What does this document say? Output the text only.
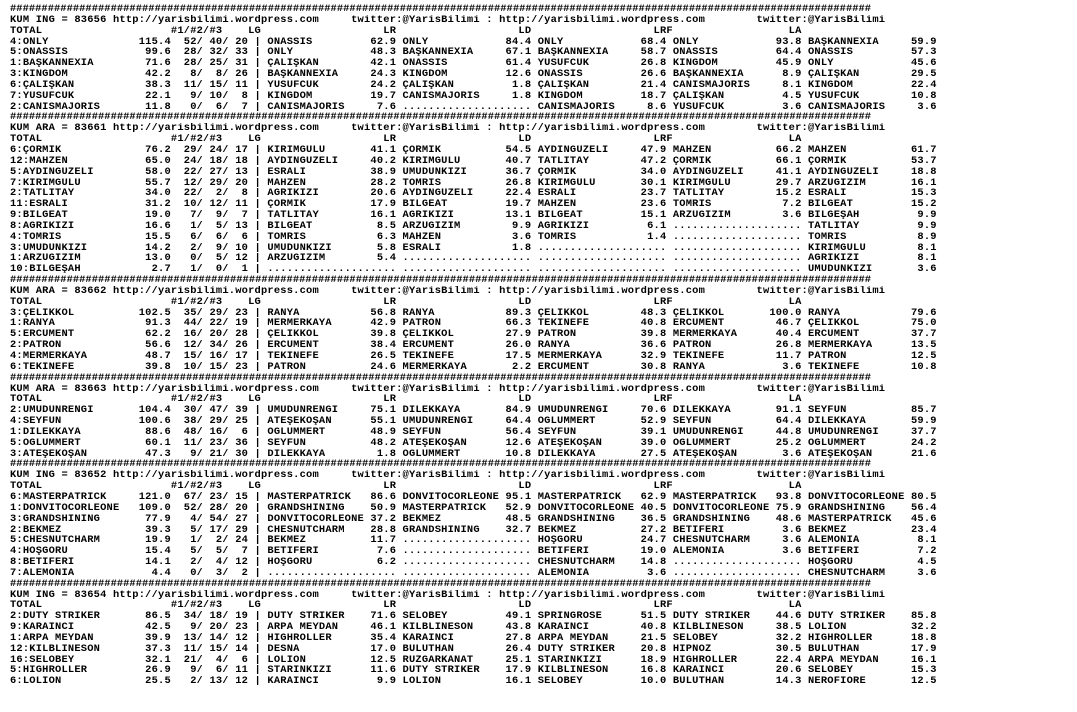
#########################################################################################################################################
KUM ING = 83656 http://yarisbilimi.wordpress.com     twitter:@YarisBilimi : http://yarisbilimi.wordpress.com        twitter:@YarisBilimi
TOTAL                    #1/#2/#3    LG                   LR                   LD                   LRF                  LA
4:ONLY              115.4  52/ 40/ 20 | ONASSIS         62.9 ONLY            84.4 ONLY            68.4 ONLY            93.8 BAŞKANNEXIA     59.9
5:ONASSIS            99.6  28/ 32/ 33 | ONLY            48.3 BAŞKANNEXIA     67.1 BAŞKANNEXIA     58.7 ONASSIS         64.4 ONASSIS         57.3
1:BAŞKANNEXIA        71.6  28/ 25/ 31 | ÇALIŞKAN        42.1 ONASSIS         61.4 YUSUFCUK        26.8 KINGDOM         45.9 ONLY            45.6
3:KINGDOM            42.2   8/  8/ 26 | BAŞKANNEXIA     24.3 KINGDOM         12.6 ONASSIS         26.6 BAŞKANNEXIA      8.9 ÇALIŞKAN        29.5
6:ÇALIŞKAN           38.3  11/ 15/ 11 | YUSUFCUK        24.2 ÇALIŞKAN         1.8 ÇALIŞKAN        21.4 CANISMAJORIS     8.1 KINGDOM         22.4
7:YUSUFCUK           22.1   9/ 10/  8 | KINGDOM         19.7 CANISMAJORIS     1.8 KINGDOM         18.7 ÇALIŞKAN         4.5 YUSUFCUK        10.8
2:CANISMAJORIS       11.8   0/  6/  7 | CANISMAJORIS     7.6 .................... CANISMAJORIS     8.6 YUSUFCUK         3.6 CANISMAJORIS     3.6
#########################################################################################################################################
KUM ARA = 83661 http://yarisbilimi.wordpress.com     twitter:@YarisBilimi : http://yarisbilimi.wordpress.com        twitter:@YarisBilimi
TOTAL                    #1/#2/#3    LG                   LR                   LD                   LRF                  LA
6:ÇORMİK             76.2  29/ 24/ 17 | KIRIMGÜLÜ       41.1 ÇORMİK          54.5 AYDINGÜZELİ     47.9 MAHZEN          66.2 MAHZEN          61.7
12:MAHZEN            65.0  24/ 18/ 18 | AYDINGÜZELİ     40.2 KIRIMGÜLÜ       40.7 TATLITAY        47.2 ÇORMİK          66.1 ÇORMİK          53.7
5:AYDINGÜZELİ        58.0  22/ 27/ 13 | ESRALİ          38.9 UMUDUNKIZI      36.7 ÇORMİK          34.0 AYDINGÜZELİ     41.1 AYDINGÜZELİ     18.8
7:KIRIMGÜLÜ          55.7  12/ 29/ 20 | MAHZEN          28.2 TOMRİS          26.8 KIRIMGÜLÜ       30.1 KIRIMGÜLÜ       29.7 ARZUGİZİM       16.1
2:TATLITAY           34.0  22/  2/  8 | AĞRIKIZI        20.6 AYDINGÜZELİ     22.4 ESRALİ          23.7 TATLITAY        15.2 ESRALİ          15.3
11:ESRALİ            31.2  10/ 12/ 11 | ÇORMİK          17.9 BİLGEAT         19.7 MAHZEN          23.6 TOMRİS           7.2 BİLGEAT         15.2
9:BİLGEAT            19.0   7/  9/  7 | TATLITAY        16.1 AĞRIKIZI        13.1 BİLGEAT         15.1 ARZUGİZİM        3.6 BİLGEŞAH         9.9
8:AĞRIKIZI           16.6   1/  5/ 13 | BİLGEAT          8.5 ARZUGİZİM        9.9 AĞRIKIZI         6.1 .................... TATLITAY         9.9
4:TOMRİS             15.5   6/  6/  6 | TOMRİS           6.3 MAHZEN           3.6 TOMRİS           1.4 .................... TOMRİS           8.9
3:UMUDUNKIZI         14.2   2/  9/ 10 | UMUDUNKIZI       5.8 ESRALİ           1.8 .................... .................... KIRIMGÜLÜ        8.1
1:ARZUGİZİM          13.0   0/  5/ 12 | ARZUGİZİM        5.4 .................... .................... .................... AĞRIKIZI         8.1
10:BİLGEŞAH           2.7   1/  0/  1 | .................... .................... .................... .................... UMUDUNKIZI       3.6
#########################################################################################################################################
KUM ARA = 83662 http://yarisbilimi.wordpress.com     twitter:@YarisBilimi : http://yarisbilimi.wordpress.com        twitter:@YarisBilimi
TOTAL                    #1/#2/#3    LG                   LR                   LD                   LRF                  LA
3:ÇELİKKOL          102.5  35/ 29/ 23 | RANYA           56.8 RANYA           89.3 ÇELİKKOL        48.3 ÇELİKKOL       100.0 RANYA           79.6
1:RANYA              91.3  44/ 22/ 19 | MERMERKAYA      42.9 PATRON          66.3 TEKİNEFE        40.8 ERCÜMENT        46.7 ÇELİKKOL        75.0
5:ERCÜMENT           62.2  16/ 20/ 28 | ÇELİKKOL        39.8 ÇELİKKOL        27.9 PATRON          39.8 MERMERKAYA      40.4 ERCÜMENT        37.7
2:PATRON             56.6  12/ 34/ 26 | ERCÜMENT        38.4 ERCÜMENT        26.0 RANYA           36.6 PATRON          26.8 MERMERKAYA      13.5
4:MERMERKAYA         48.7  15/ 16/ 17 | TEKİNEFE        26.5 TEKİNEFE        17.5 MERMERKAYA      32.9 TEKİNEFE        11.7 PATRON          12.5
6:TEKİNEFE           39.8  10/ 15/ 23 | PATRON          24.6 MERMERKAYA       2.2 ERCÜMENT        30.8 RANYA            3.6 TEKİNEFE        10.8
#########################################################################################################################################
KUM ARA = 83663 http://yarisbilimi.wordpress.com     twitter:@YarisBilimi : http://yarisbilimi.wordpress.com        twitter:@YarisBilimi
TOTAL                    #1/#2/#3    LG                   LR                   LD                   LRF                  LA
2:UMUDUNRENGİ       104.4  30/ 47/ 39 | UMUDUNRENGİ     75.1 DİLEKKAYA       84.9 UMUDUNRENGİ     70.6 DİLEKKAYA       91.1 SEYFUN          85.7
4:SEYFUN            100.6  38/ 29/ 25 | ATEŞEKOŞAN      55.1 UMUDUNRENGİ     64.4 OĞLUMMERT       52.9 SEYFUN          64.4 DİLEKKAYA       59.9
1:DİLEKKAYA          88.6  48/ 16/  6 | OĞLUMMERT       48.9 SEYFUN          56.4 SEYFUN          39.1 UMUDUNRENGİ     44.8 UMUDUNRENGİ     37.7
5:OĞLUMMERT          60.1  11/ 23/ 36 | SEYFUN          48.2 ATEŞEKOŞAN      12.6 ATEŞEKOŞAN      39.0 OĞLUMMERT       25.2 OĞLUMMERT       24.2
3:ATEŞEKOŞAN         47.3   9/ 21/ 30 | DİLEKKAYA        1.8 OĞLUMMERT       10.8 DİLEKKAYA       27.5 ATEŞEKOŞAN       3.6 ATEŞEKOŞAN      21.6
#########################################################################################################################################
KUM ING = 83652 http://yarisbilimi.wordpress.com     twitter:@YarisBilimi : http://yarisbilimi.wordpress.com        twitter:@YarisBilimi
TOTAL                    #1/#2/#3    LG                   LR                   LD                   LRF                  LA
6:MASTERPATRICK     121.0  67/ 23/ 15 | MASTERPATRICK   86.6 DONVITOCORLEONE 95.1 MASTERPATRICK   62.9 MASTERPATRICK   93.8 DONVITOCORLEONE 80.5
1:DONVITOCORLEONE   109.0  52/ 28/ 20 | GRANDSHINING    50.9 MASTERPATRICK   52.9 DONVITOCORLEONE 40.5 DONVITOCORLEONE 75.9 GRANDSHINING    56.4
3:GRANDSHINING       77.9   4/ 54/ 27 | DONVITOCORLEONE 37.2 BEKMEZ          48.5 GRANDSHINING    36.5 GRANDSHINING    48.6 MASTERPATRICK   45.6
2:BEKMEZ             39.3   5/ 17/ 29 | CHESNUTCHARM    28.8 GRANDSHINING    32.7 BEKMEZ          27.2 BETİFERİ         3.6 BEKMEZ          23.4
5:CHESNUTCHARM       19.9   1/  2/ 24 | BEKMEZ          11.7 .................... HOŞGÖRÜ         24.7 CHESNUTCHARM     3.6 ALEMONIA         8.1
4:HOŞGÖRÜ            15.4   5/  5/  7 | BETİFERİ         7.6 .................... BETİFERİ        19.0 ALEMONIA         3.6 BETİFERİ         7.2
8:BETİFERİ           14.1   2/  4/ 12 | HOŞGÖRÜ          6.2 .................... CHESNUTCHARM    14.8 .................... HOŞGÖRÜ          4.5
7:ALEMONIA            4.4   0/  3/  2 | .................... .................... ALEMONIA         3.6 .................... CHESNUTCHARM     3.6
#########################################################################################################################################
KUM ING = 83654 http://yarisbilimi.wordpress.com     twitter:@YarisBilimi : http://yarisbilimi.wordpress.com        twitter:@YarisBilimi
TOTAL                    #1/#2/#3    LG                   LR                   LD                   LRF                  LA
2:DUTY STRIKER       86.5  34/ 18/ 19 | DUTY STRIKER    71.6 SELOBEY         49.1 SPRINGROSE      51.5 DUTY STRIKER    44.6 DUTY STRIKER    85.8
9:KARAİNCİ           42.5   9/ 20/ 23 | ARPA MEYDAN     46.1 KILBLINESON     43.8 KARAİNCİ        40.8 KILBLINESON     38.5 LOLION          32.2
1:ARPA MEYDAN        39.9  13/ 14/ 12 | HIGHROLLER      35.4 KARAİNCİ        27.8 ARPA MEYDAN     21.5 SELOBEY         32.2 HIGHROLLER      18.8
12:KILBLINESON       37.3  11/ 15/ 14 | DESNA           17.0 BULUTHAN        26.4 DUTY STRIKER    20.8 HİPNOZ          30.5 BULUTHAN        17.9
16:SELOBEY           32.1  21/  4/  6 | LOLION          12.5 RÜZGARKANAT     25.1 STARINKIZI      18.9 HIGHROLLER      22.4 ARPA MEYDAN     16.1
5:HIGHROLLER         26.9   9/  6/ 11 | STARINKIZI      11.6 DUTY STRIKER    17.9 KILBLINESON     16.8 KARAİNCİ        20.6 SELOBEY         15.3
6:LOLION             25.5   2/ 13/ 12 | KARAİNCİ         9.9 LOLION          16.1 SELOBEY         10.0 BULUTHAN        14.3 NEROFIORE       12.5
